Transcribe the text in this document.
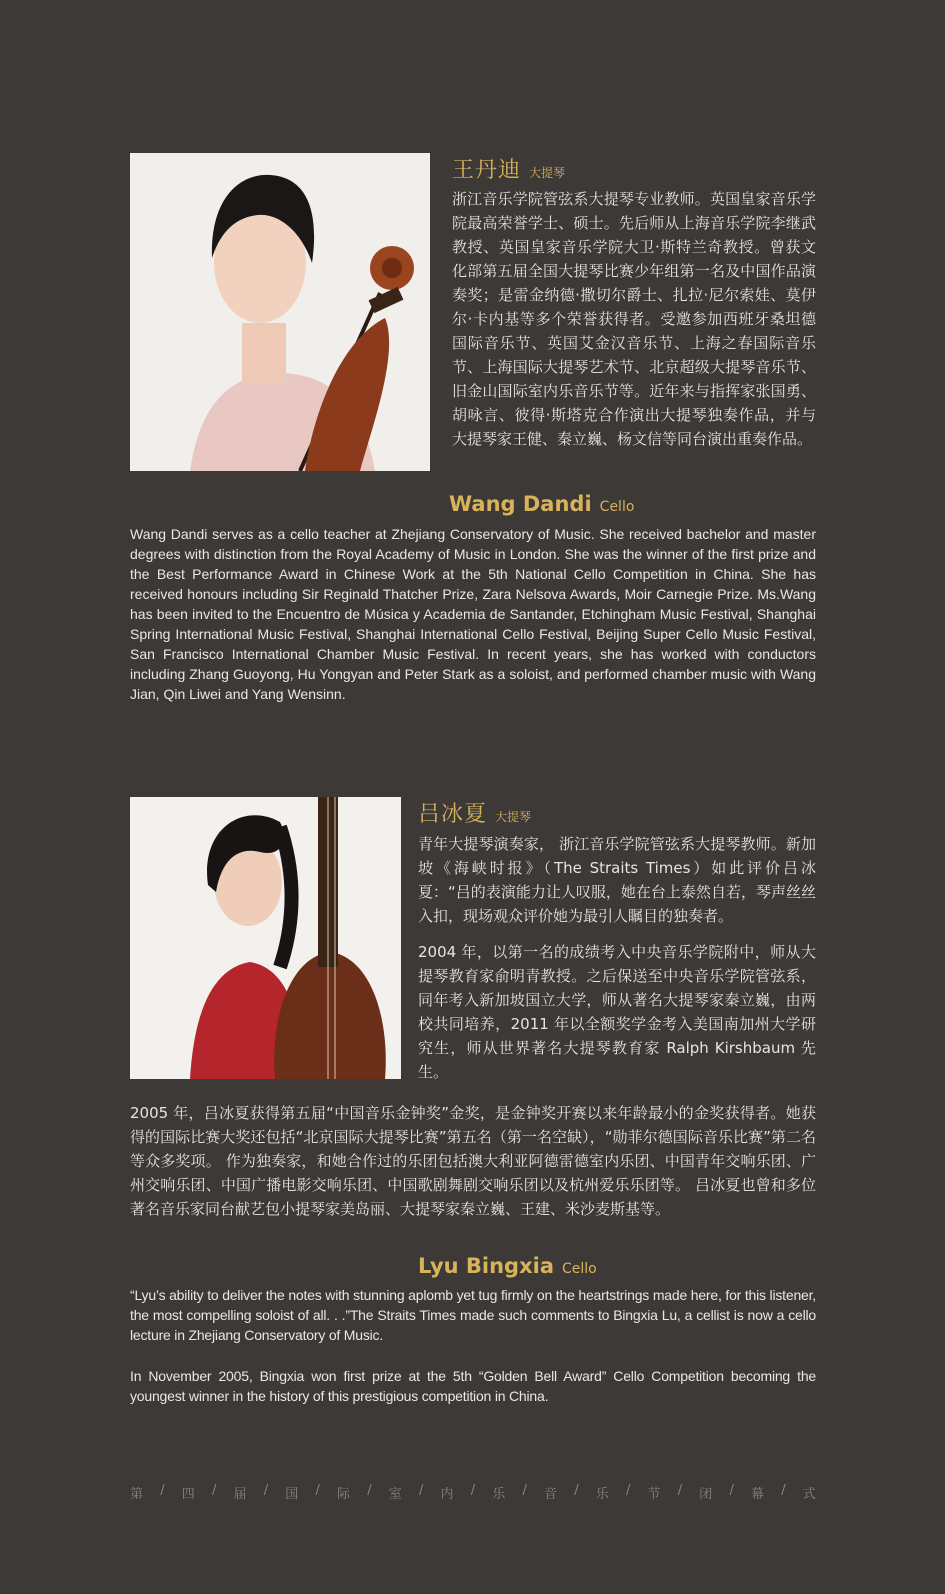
王丹迪 大提琴

浙江音乐学院管弦系大提琴专业教师。英国皇家音乐学院最高荣誉学士、硕士。先后师从上海音乐学院李继武教授、英国皇家音乐学院大卫·斯特兰奇教授。曾获文化部第五届全国大提琴比赛少年组第一名及中国作品演奏奖；是雷金纳德·撒切尔爵士、扎拉·尼尔索娃、莫伊尔·卡内基等多个荣誉获得者。受邀参加西班牙桑坦德国际音乐节、英国艾金汉音乐节、上海之春国际音乐节、上海国际大提琴艺术节、北京超级大提琴音乐节、旧金山国际室内乐音乐节等。近年来与指挥家张国勇、胡咏言、彼得·斯塔克合作演出大提琴独奏作品，并与大提琴家王健、秦立巍、杨文信等同台演出重奏作品。

Wang Dandi Cello

Wang Dandi serves as a cello teacher at Zhejiang Conservatory of Music. She received bachelor and master degrees with distinction from the Royal Academy of Music in London. She was the winner of the first prize and the Best Performance Award in Chinese Work at the 5th National Cello Competition in China. She has received honours including Sir Reginald Thatcher Prize, Zara Nelsova Awards, Moir Carnegie Prize. Ms.Wang has been invited to the Encuentro de Música y Academia de Santander, Etchingham Music Festival, Shanghai Spring International Music Festival, Shanghai International Cello Festival, Beijing Super Cello Music Festival, San Francisco International Chamber Music Festival. In recent years, she has worked with conductors including Zhang Guoyong, Hu Yongyan and Peter Stark as a soloist, and performed chamber music with Wang Jian, Qin Liwei and Yang Wensinn.

吕冰夏 大提琴

青年大提琴演奏家， 浙江音乐学院管弦系大提琴教师。新加坡《海峡时报》（The Straits Times）如此评价吕冰夏：“吕的表演能力让人叹服，她在台上泰然自若，琴声丝丝入扣，现场观众评价她为最引人瞩目的独奏者。

2004 年，以第一名的成绩考入中央音乐学院附中，师从大提琴教育家俞明青教授。之后保送至中央音乐学院管弦系，同年考入新加坡国立大学，师从著名大提琴家秦立巍，由两校共同培养，2011 年以全额奖学金考入美国南加州大学研究生，师从世界著名大提琴教育家 Ralph Kirshbaum 先生。

2005 年，吕冰夏获得第五届“中国音乐金钟奖”金奖，是金钟奖开赛以来年龄最小的金奖获得者。她获得的国际比赛大奖还包括“北京国际大提琴比赛”第五名（第一名空缺），“勋菲尔德国际音乐比赛”第二名等众多奖项。 作为独奏家，和她合作过的乐团包括澳大利亚阿德雷德室内乐团、中国青年交响乐团、广州交响乐团、中国广播电影交响乐团、中国歌剧舞剧交响乐团以及杭州爱乐乐团等。 吕冰夏也曾和多位著名音乐家同台献艺包小提琴家美岛丽、大提琴家秦立巍、王建、米沙麦斯基等。

Lyu Bingxia Cello

“Lyu’s ability to deliver the notes with stunning aplomb yet tug firmly on the heartstrings made here, for this listener, the most compelling soloist of all. . .”The Straits Times made such comments to Bingxia Lu, a cellist is now a cello lecture in Zhejiang Conservatory of Music.

In November 2005, Bingxia won first prize at the 5th “Golden Bell Award” Cello Competition becoming the youngest winner in the history of this prestigious competition in China.

第 / 四 / 届 / 国 / 际 / 室 / 内 / 乐 / 音 / 乐 / 节 / 闭 / 幕 / 式
